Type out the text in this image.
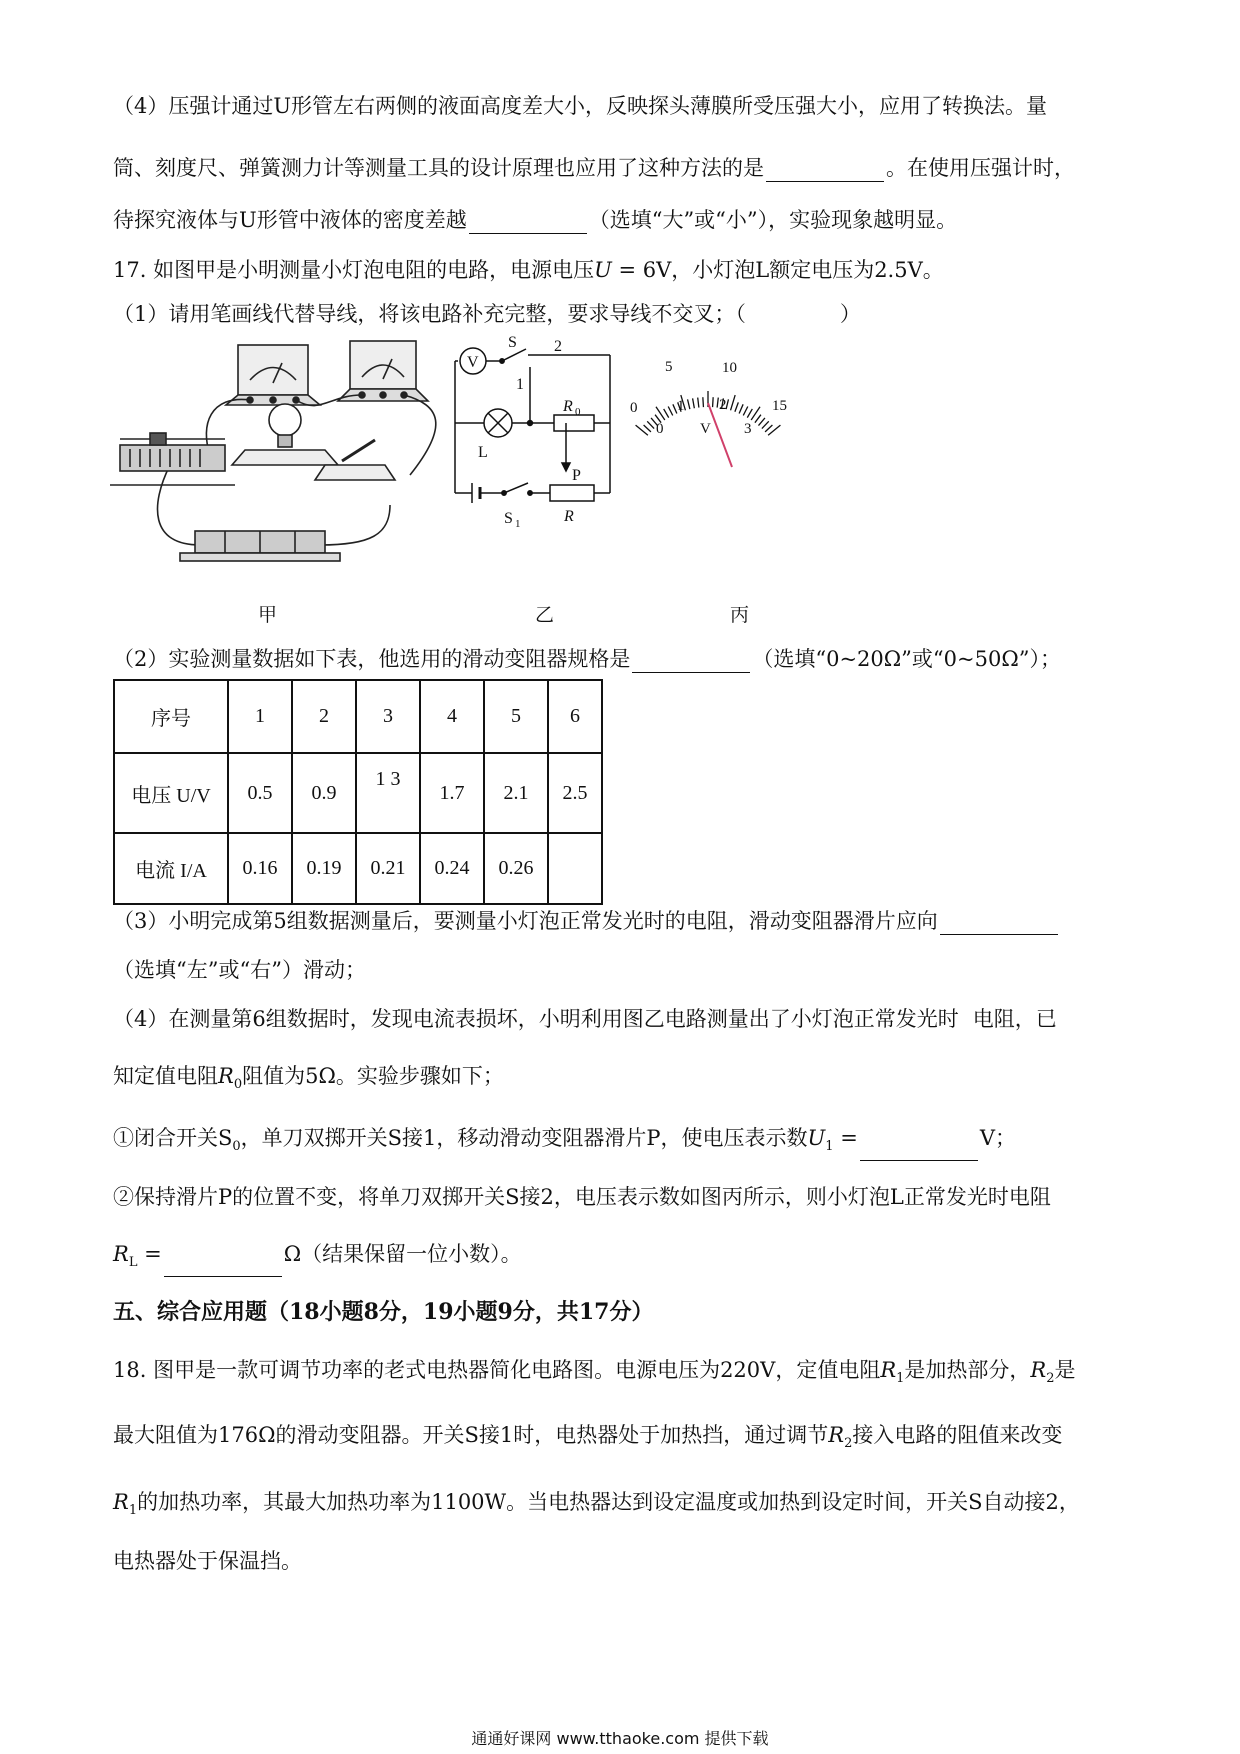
（4）压强计通过U形管左右两侧的液面高度差大小，反映探头薄膜所受压强大小，应用了转换法。量
筒、刻度尺、弹簧测力计等测量工具的设计原理也应用了这种方法的是	。在使用压强计时，
待探究液体与U形管中液体的密度差越	（选填“大”或“小”），实验现象越明显。
17. 如图甲是小明测量小灯泡电阻的电路，电源电压U = 6V，小灯泡L额定电压为2.5V。
（1）请用笔画线代替导线，将该电路补充完整，要求导线不交叉；（	）
V
S 2
1
R 0
L
P
S 1	R
0
5	10
15
0
1 2
3
V
甲	乙	丙
（2）实验测量数据如下表，他选用的滑动变阻器规格是	（选填“0~20Ω”或“0~50Ω”）；
序号	1	2	3	4	5	6
电压 U/V	0.5	0.9	1 3	1.7	2.1	2.5
电流 I/A	0.16	0.19	0.21	0.24	0.26	
（3）小明完成第5组数据测量后，要测量小灯泡正常发光时的电阻，滑动变阻器滑片应向
（选填“左”或“右”）滑动；
（4）在测量第6组数据时，发现电流表损坏，小明利用图乙电路测量出了小灯泡正常发光时 电阻，已
知定值电阻$R_0$阻值为5Ω。实验步骤如下；
①闭合开关$S_0$，单刀双掷开关S接1，移动滑动变阻器滑片P，使电压表示数$U_1$ =	V；
②保持滑片P的位置不变，将单刀双掷开关S接2，电压表示数如图丙所示，则小灯泡L正常发光时电阻
$R_L$ =	Ω（结果保留一位小数）。
五、综合应用题（18小题8分，19小题9分，共17分）
18. 图甲是一款可调节功率的老式电热器简化电路图。电源电压为220V，定值电阻$R_1$是加热部分，$R_2$是
最大阻值为176Ω的滑动变阻器。开关S接1时，电热器处于加热挡，通过调节$R_2$接入电路的阻值来改变
$R_1$的加热功率，其最大加热功率为1100W。当电热器达到设定温度或加热到设定时间，开关S自动接2，
电热器处于保温挡。
通通好课网 www.tthaoke.com 提供下载
